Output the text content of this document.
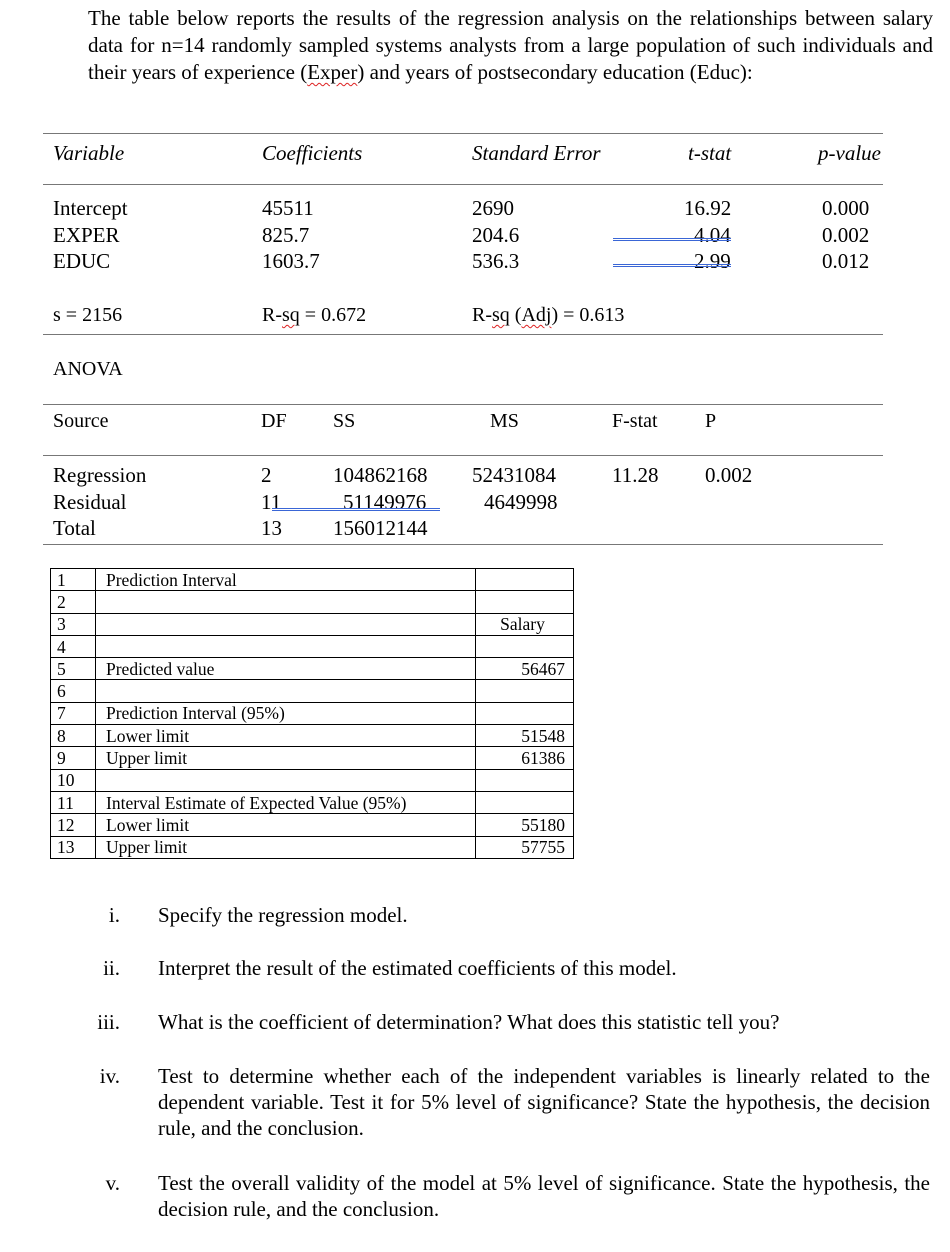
The table below reports the results of the regression analysis on the relationships between salary data for n=14 randomly sampled systems analysts from a large population of such individuals and their years of experience (Exper) and years of postsecondary education (Educ):
Variable	Coefficients	Standard Error	t-stat	p-value
Intercept	45511	2690	16.92	0.000
EXPER	825.7	204.6	4.04	0.002
EDUC	1603.7	536.3	2.99	0.012
s = 2156	R-sq = 0.672	R-sq (Adj) = 0.613
ANOVA
Source	DF SS	MS	F-stat P
Regression	2	104862168 52431084	11.28 0.002
Residual	11	51149976	4649998
Total	13 156012144
1	Prediction Interval	
2		
3		Salary
4		
5	Predicted value	56467
6		
7	Prediction Interval (95%)	
8	Lower limit	51548
9	Upper limit	61386
10		
11	Interval Estimate of Expected Value (95%)	
12	Lower limit	55180
13	Upper limit	57755
i. Specify the regression model.
ii. Interpret the result of the estimated coefficients of this model.
iii. What is the coefficient of determination? What does this statistic tell you?
iv. Test to determine whether each of the independent variables is linearly related to the dependent variable. Test it for 5% level of significance? State the hypothesis, the decision rule, and the conclusion.
v. Test the overall validity of the model at 5% level of significance. State the hypothesis, the decision rule, and the conclusion.
